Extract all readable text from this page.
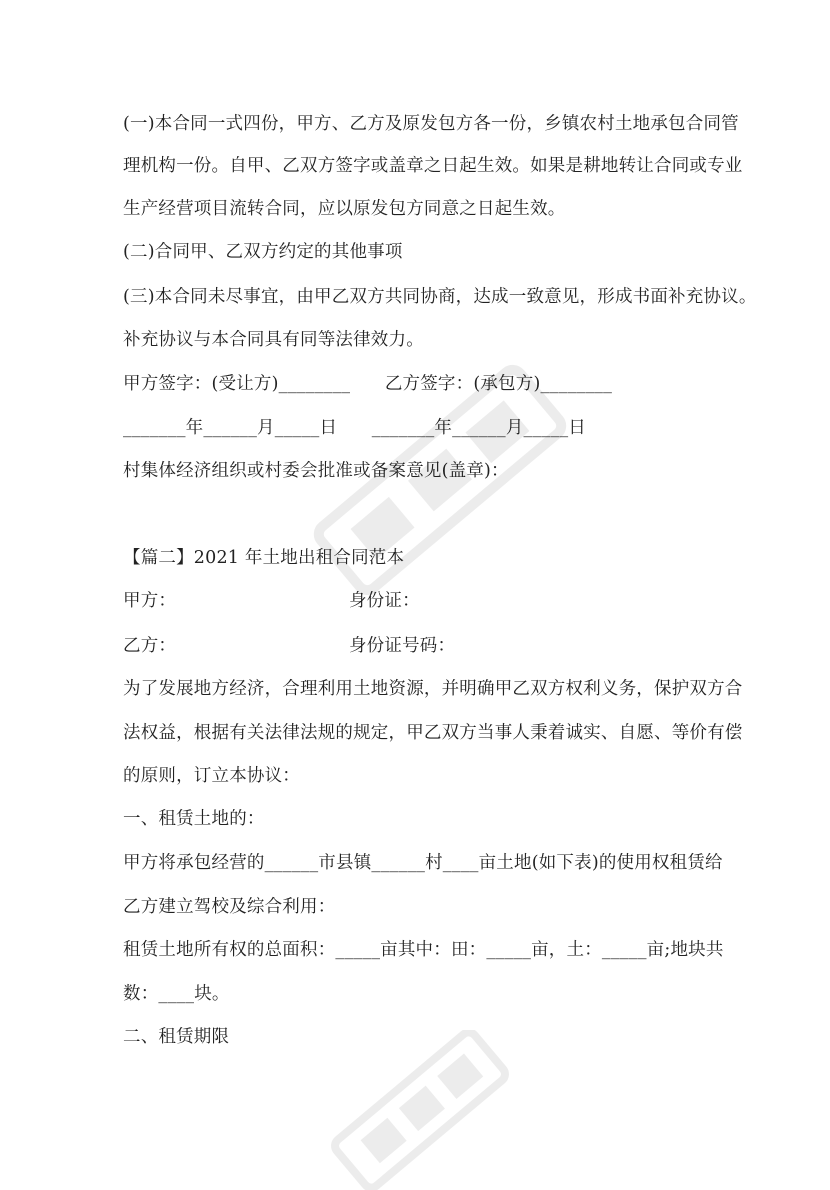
(一)本合同一式四份，甲方、乙方及原发包方各一份，乡镇农村土地承包合同管
理机构一份。自甲、乙双方签字或盖章之日起生效。如果是耕地转让合同或专业
生产经营项目流转合同，应以原发包方同意之日起生效。
(二)合同甲、乙双方约定的其他事项
(三)本合同未尽事宜，由甲乙双方共同协商，达成一致意见，形成书面补充协议。
补充协议与本合同具有同等法律效力。
甲方签字：(受让方)________      乙方签字：(承包方)________
_______年______月_____日      _______年______月_____日
村集体经济组织或村委会批准或备案意见(盖章)：
【篇二】2021 年土地出租合同范本
甲方：                              身份证：
乙方：                              身份证号码：
为了发展地方经济，合理利用土地资源，并明确甲乙双方权利义务，保护双方合
法权益，根据有关法律法规的规定，甲乙双方当事人秉着诚实、自愿、等价有偿
的原则，订立本协议：
一、租赁土地的：
甲方将承包经营的______市县镇______村____亩土地(如下表)的使用权租赁给
乙方建立驾校及综合利用：
租赁土地所有权的总面积：_____亩其中：田：_____亩，土：_____亩;地块共
数：____块。
二、租赁期限
